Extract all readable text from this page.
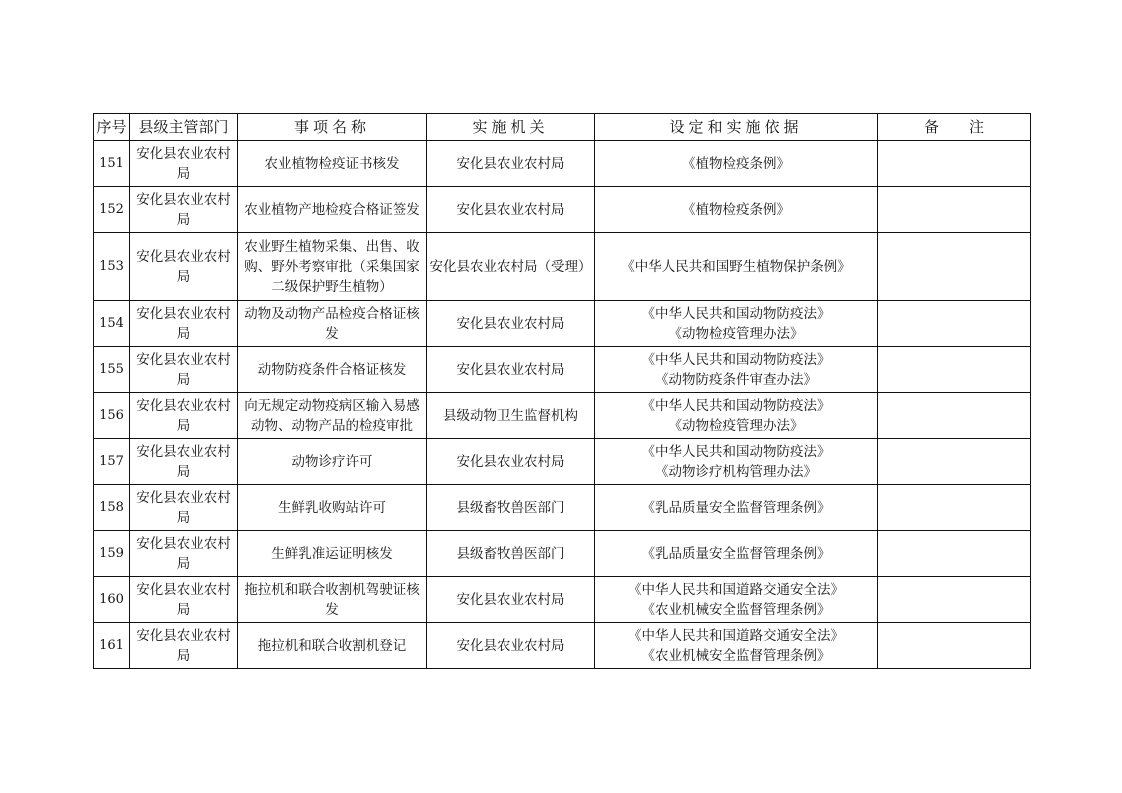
序号	县级主管部门	事项名称	实施机关	设定和实施依据	备注
151	安化县农业农村局	农业植物检疫证书核发	安化县农业农村局	《植物检疫条例》	

152	安化县农业农村局	农业植物产地检疫合格证签发	安化县农业农村局	《植物检疫条例》	

153	安化县农业农村局	农业野生植物采集、出售、收购、野外考察审批（采集国家二级保护野生植物）	安化县农业农村局（受理）	《中华人民共和国野生植物保护条例》	

154	安化县农业农村局	动物及动物产品检疫合格证核发	安化县农业农村局	《中华人民共和国动物防疫法》
《动物检疫管理办法》	

155	安化县农业农村局	动物防疫条件合格证核发	安化县农业农村局	《中华人民共和国动物防疫法》
《动物防疫条件审查办法》	

156	安化县农业农村局	向无规定动物疫病区输入易感动物、动物产品的检疫审批	县级动物卫生监督机构	《中华人民共和国动物防疫法》
《动物检疫管理办法》	

157	安化县农业农村局	动物诊疗许可	安化县农业农村局	《中华人民共和国动物防疫法》
《动物诊疗机构管理办法》	

158	安化县农业农村局	生鲜乳收购站许可	县级畜牧兽医部门	《乳品质量安全监督管理条例》	

159	安化县农业农村局	生鲜乳准运证明核发	县级畜牧兽医部门	《乳品质量安全监督管理条例》	

160	安化县农业农村局	拖拉机和联合收割机驾驶证核发	安化县农业农村局	《中华人民共和国道路交通安全法》
《农业机械安全监督管理条例》	

161	安化县农业农村局	拖拉机和联合收割机登记	安化县农业农村局	《中华人民共和国道路交通安全法》
《农业机械安全监督管理条例》	
